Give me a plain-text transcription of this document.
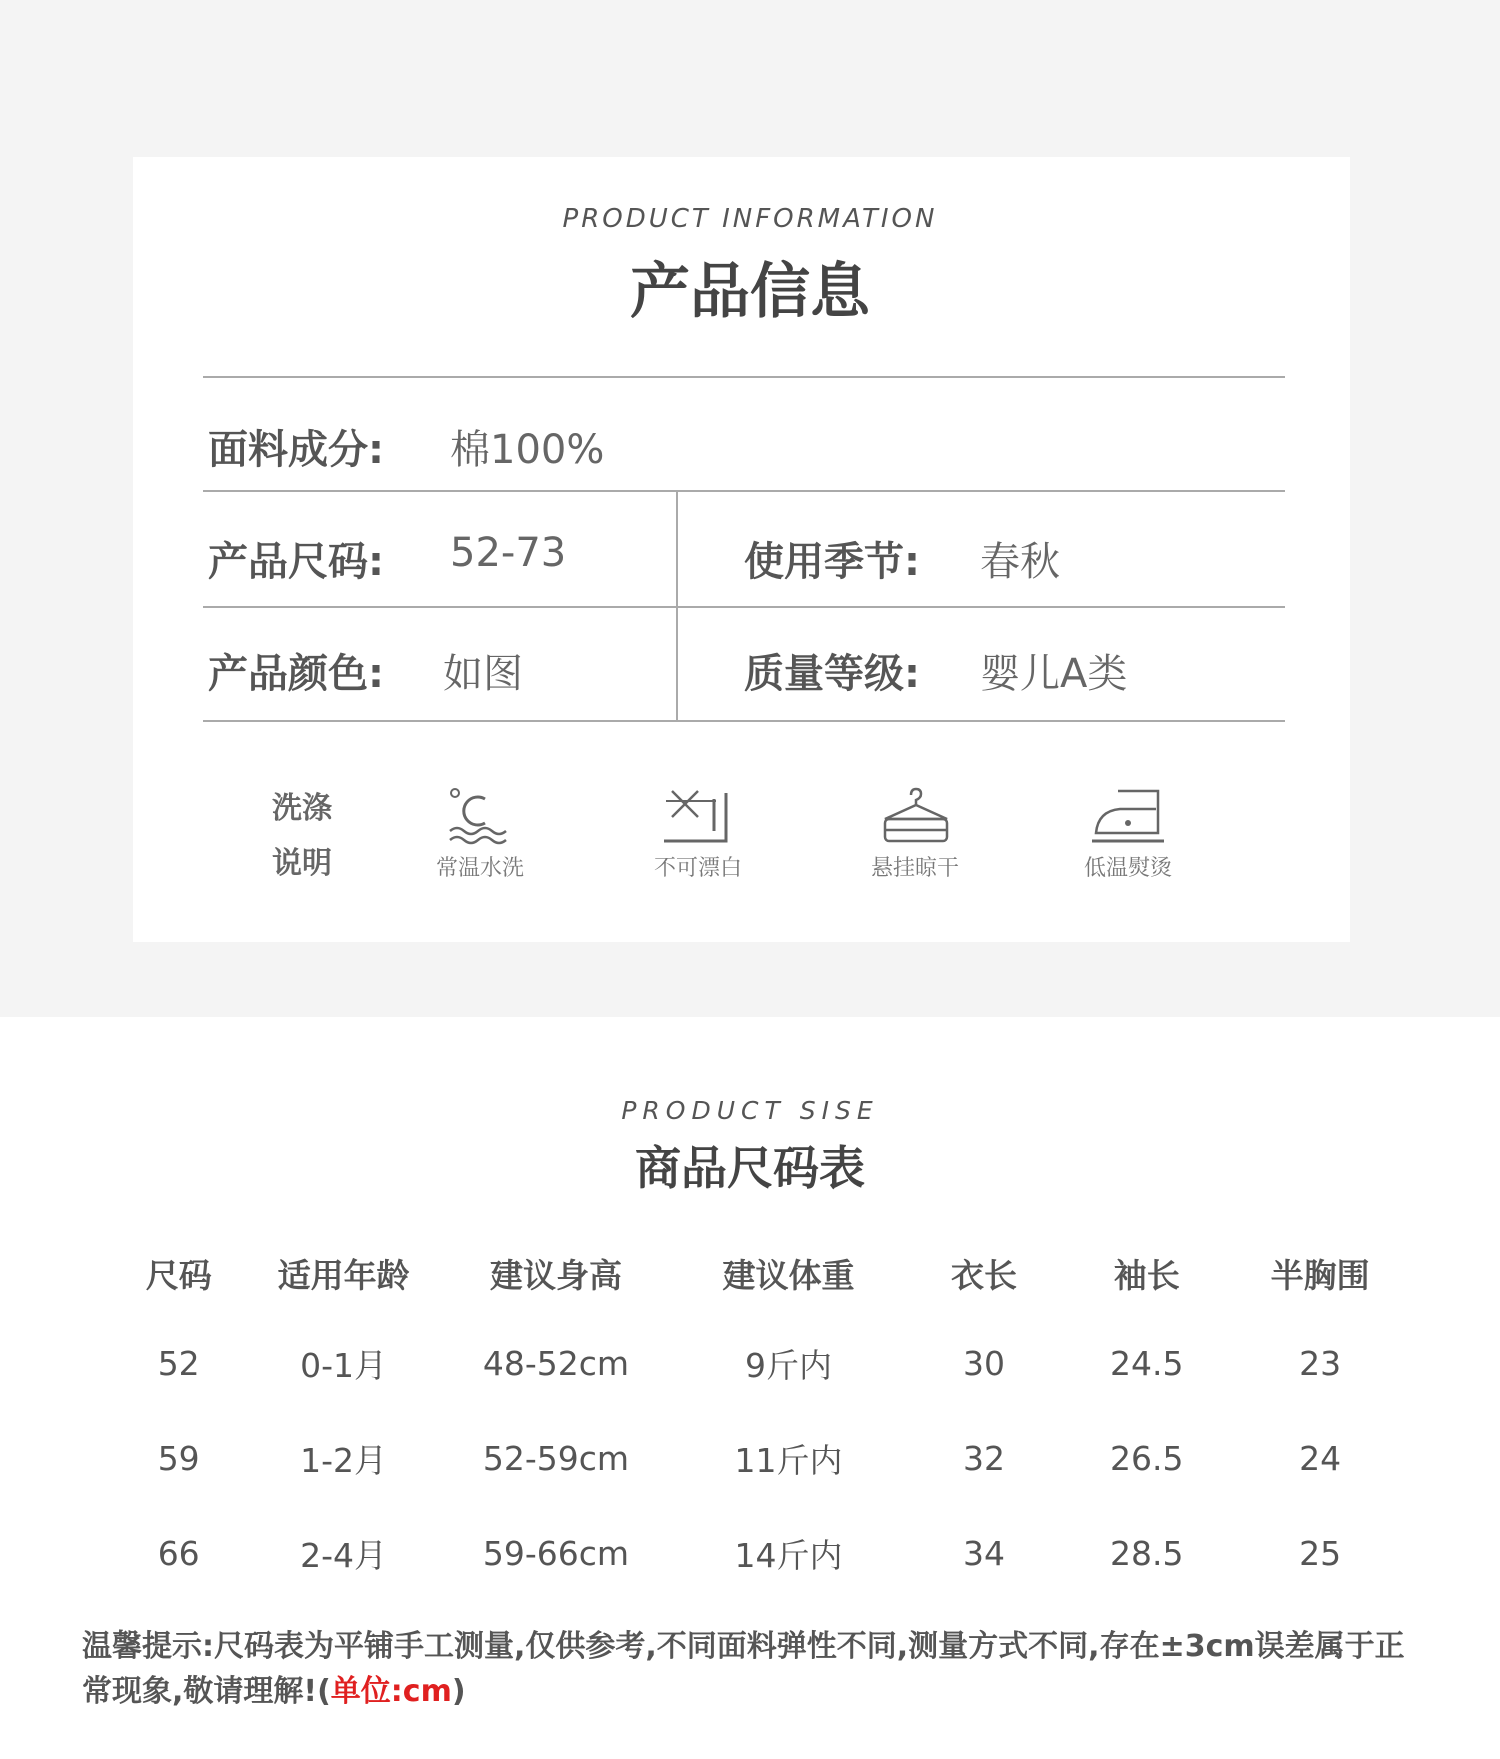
PRODUCT INFORMATION
产品信息
面料成分: 棉100%
产品尺码: 52-73	使用季节: 春秋
产品颜色: 如图	质量等级: 婴儿A类
洗涤
说明	常温水洗	不可漂白	悬挂晾干	低温熨烫
PRODUCT SISE
商品尺码表
尺码	适用年龄	建议身高	建议体重	衣长	袖长	半胸围
52	0-1月	48-52cm	9斤内	30	24.5	23
59	1-2月	52-59cm	11斤内	32	26.5	24
66	2-4月	59-66cm	14斤内	34	28.5	25
温馨提示:尺码表为平铺手工测量,仅供参考,不同面料弹性不同,测量方式不同,存在±3cm误差属于正常现象,敬请理解!(单位:cm)
